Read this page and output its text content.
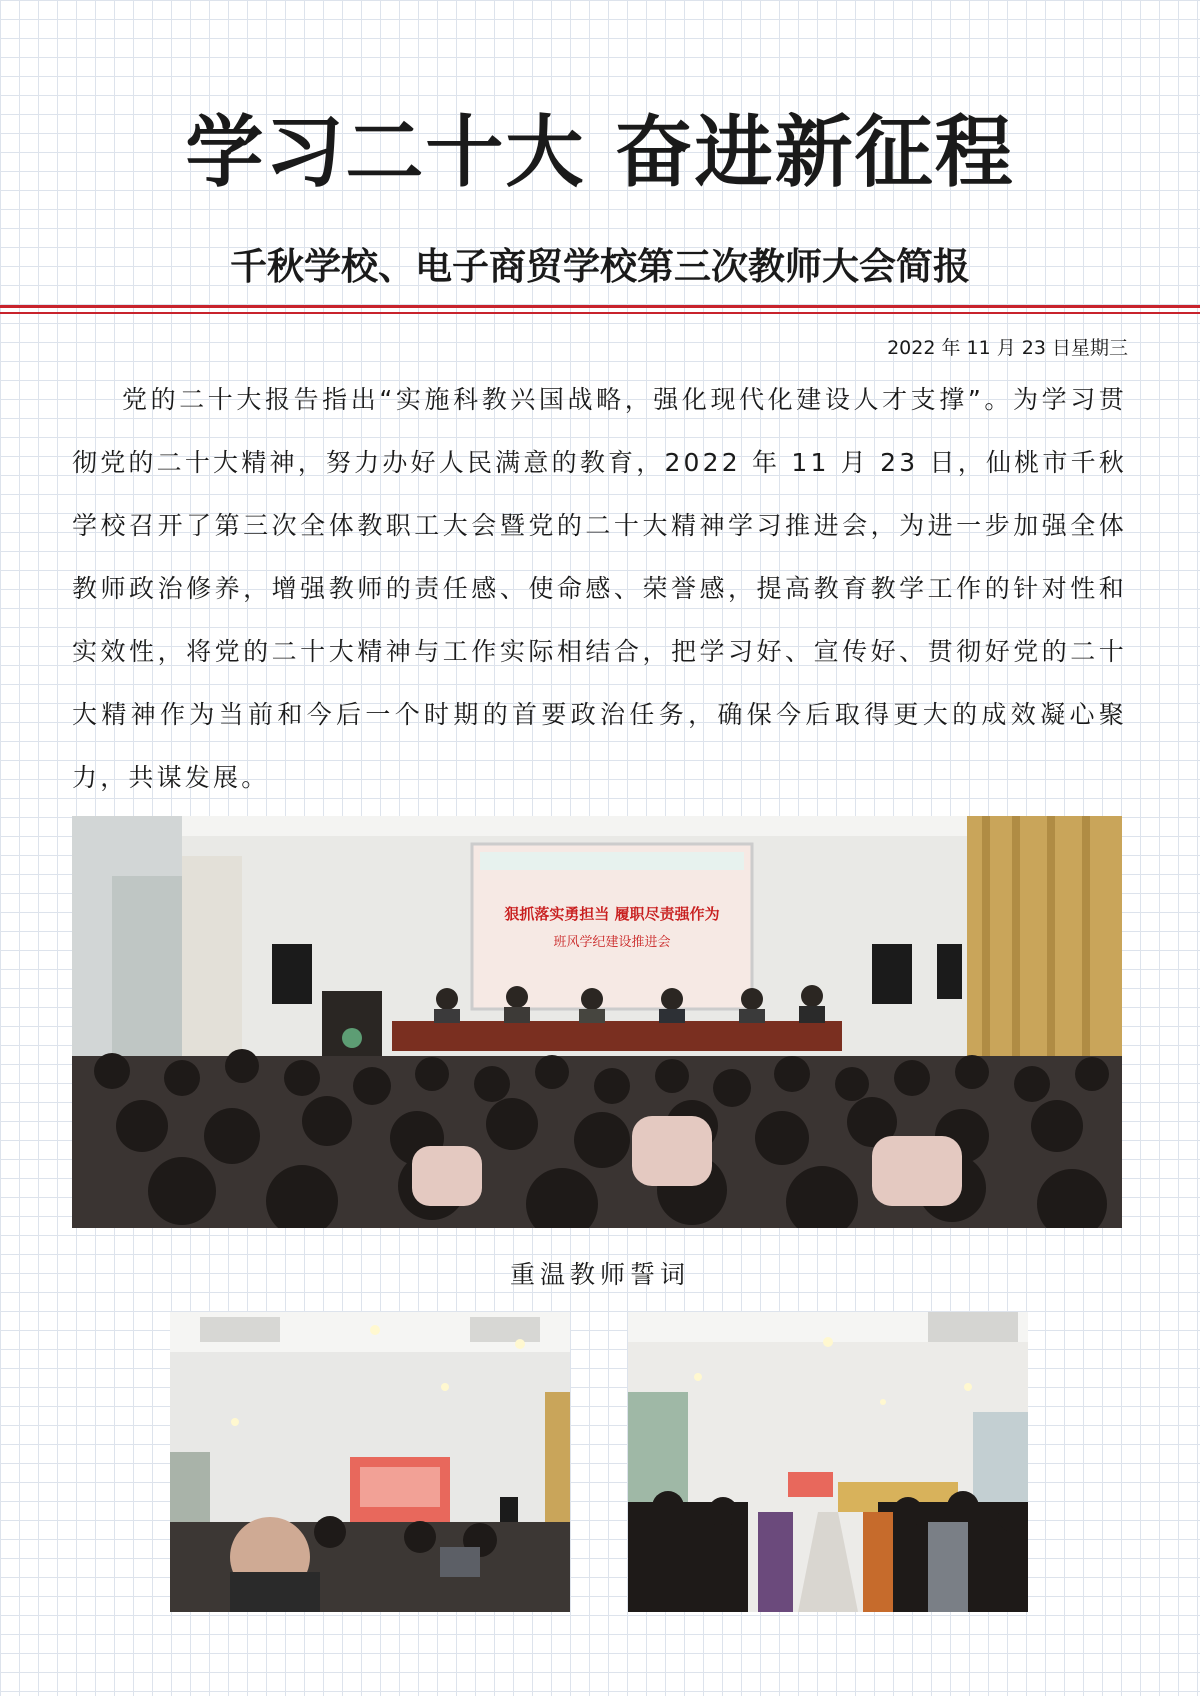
学习二十大 奋进新征程
千秋学校、电子商贸学校第三次教师大会简报
2022 年 11 月 23 日星期三
党的二十大报告指出“实施科教兴国战略，强化现代化建设人才支撑”。为学习贯彻党的二十大精神，努力办好人民满意的教育，2022 年 11 月 23 日，仙桃市千秋学校召开了第三次全体教职工大会暨党的二十大精神学习推进会，为进一步加强全体教师政治修养，增强教师的责任感、使命感、荣誉感，提高教育教学工作的针对性和实效性，将党的二十大精神与工作实际相结合，把学习好、宣传好、贯彻好党的二十大精神作为当前和今后一个时期的首要政治任务，确保今后取得更大的成效凝心聚力，共谋发展。
狠抓落实勇担当 履职尽责强作为
班风学纪建设推进会
重温教师誓词
